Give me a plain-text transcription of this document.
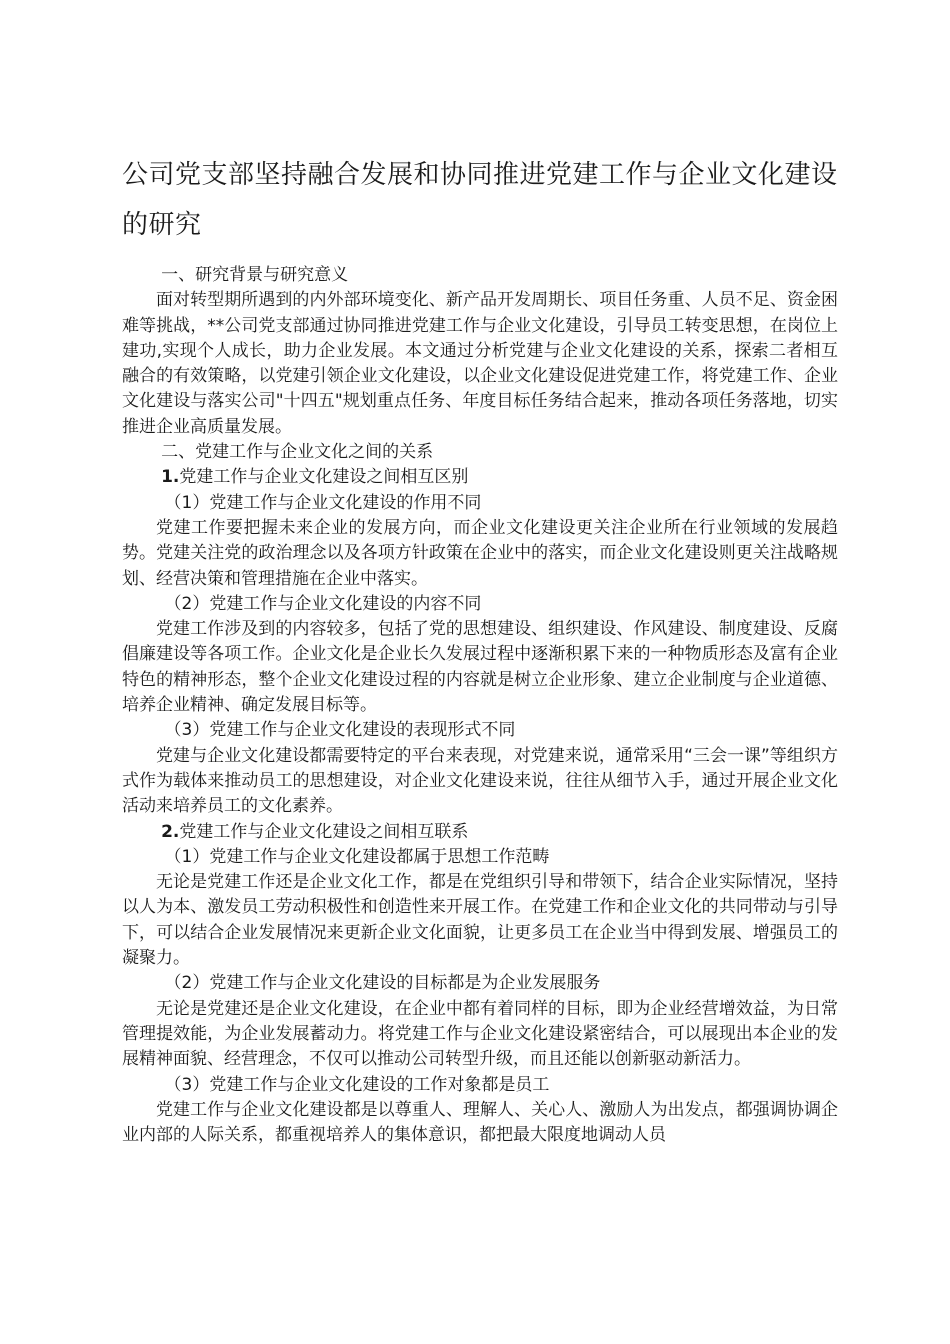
公司党支部坚持融合发展和协同推进党建工作与企业文化建设的研究

一、研究背景与研究意义

面对转型期所遇到的内外部环境变化、新产品开发周期长、项目任务重、人员不足、资金困难等挑战，**公司党支部通过协同推进党建工作与企业文化建设，引导员工转变思想，在岗位上建功,实现个人成长，助力企业发展。本文通过分析党建与企业文化建设的关系，探索二者相互融合的有效策略，以党建引领企业文化建设，以企业文化建设促进党建工作，将党建工作、企业文化建设与落实公司"十四五"规划重点任务、年度目标任务结合起来，推动各项任务落地，切实推进企业高质量发展。

二、党建工作与企业文化之间的关系

1.党建工作与企业文化建设之间相互区别

（1）党建工作与企业文化建设的作用不同

党建工作要把握未来企业的发展方向，而企业文化建设更关注企业所在行业领域的发展趋势。党建关注党的政治理念以及各项方针政策在企业中的落实，而企业文化建设则更关注战略规划、经营决策和管理措施在企业中落实。

（2）党建工作与企业文化建设的内容不同

党建工作涉及到的内容较多，包括了党的思想建设、组织建设、作风建设、制度建设、反腐倡廉建设等各项工作。企业文化是企业长久发展过程中逐渐积累下来的一种物质形态及富有企业特色的精神形态，整个企业文化建设过程的内容就是树立企业形象、建立企业制度与企业道德、培养企业精神、确定发展目标等。

（3）党建工作与企业文化建设的表现形式不同

党建与企业文化建设都需要特定的平台来表现，对党建来说，通常采用“三会一课”等组织方式作为载体来推动员工的思想建设，对企业文化建设来说，往往从细节入手，通过开展企业文化活动来培养员工的文化素养。

2.党建工作与企业文化建设之间相互联系

（1）党建工作与企业文化建设都属于思想工作范畴

无论是党建工作还是企业文化工作，都是在党组织引导和带领下，结合企业实际情况，坚持以人为本、激发员工劳动积极性和创造性来开展工作。在党建工作和企业文化的共同带动与引导下，可以结合企业发展情况来更新企业文化面貌，让更多员工在企业当中得到发展、增强员工的凝聚力。

（2）党建工作与企业文化建设的目标都是为企业发展服务

无论是党建还是企业文化建设，在企业中都有着同样的目标，即为企业经营增效益，为日常管理提效能，为企业发展蓄动力。将党建工作与企业文化建设紧密结合，可以展现出本企业的发展精神面貌、经营理念，不仅可以推动公司转型升级，而且还能以创新驱动新活力。

（3）党建工作与企业文化建设的工作对象都是员工

党建工作与企业文化建设都是以尊重人、理解人、关心人、激励人为出发点，都强调协调企业内部的人际关系，都重视培养人的集体意识，都把最大限度地调动人员
